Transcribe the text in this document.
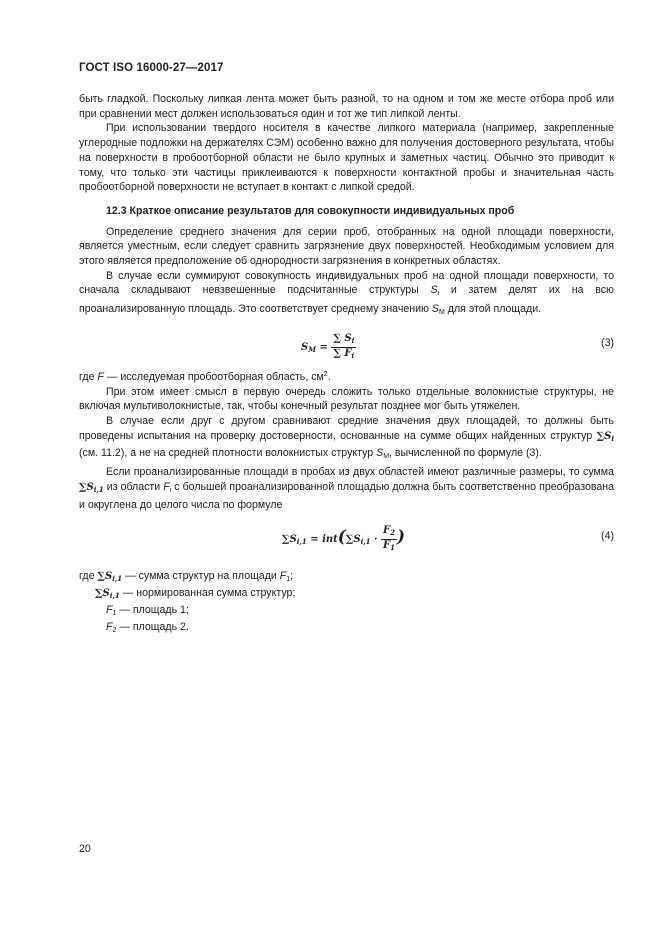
ГОСТ ISO 16000-27—2017

быть гладкой. Поскольку липкая лента может быть разной, то на одном и том же месте отбора проб или при сравнении мест должен использоваться один и тот же тип липкой ленты.

При использовании твердого носителя в качестве липкого материала (например, закрепленные углеродные подложки на держателях СЭМ) особенно важно для получения достоверного результата, чтобы на поверхности в пробоотборной области не было крупных и заметных частиц. Обычно это приводит к тому, что только эти частицы приклеиваются к поверхности контактной пробы и значительная часть пробоотборной поверхности не вступает в контакт с липкой средой.

12.3 Краткое описание результатов для совокупности индивидуальных проб

Определение среднего значения для серии проб, отобранных на одной площади поверхности, является уместным, если следует сравнить загрязнение двух поверхностей. Необходимым условием для этого является предположение об однородности загрязнения в конкретных областях.

В случае если суммируют совокупность индивидуальных проб на одной площади поверхности, то сначала складывают невзвешенные подсчитанные структуры $S_i$ и затем делят их на всю проанализированную площадь. Это соответствует среднему значению $S_M$ для этой площади.

$S_M = \frac{\sum S_i}{\sum F_i}$	(3)

где F — исследуемая пробоотборная область, $см^2$.

При этом имеет смысл в первую очередь сложить только отдельные волокнистые структуры, не включая мультиволокнистые, так, чтобы конечный результат позднее мог быть утяжелен.

В случае если друг с другом сравнивают средние значения двух площадей, то должны быть проведены испытания на проверку достоверности, основанные на сумме общих найденных структур $\sum S_i$ (см. 11.2), а не на средней плотности волокнистых структур $S_M$, вычисленной по формуле (3).

Если проанализированные площади в пробах из двух областей имеют различные размеры, то сумма $\sum S_{i,1}$ из области $F_i$ с большей проанализированной площадью должна быть соответственно преобразована и округлена до целого числа по формуле

$\sum S_{i,1} = int(\sum S_{i,1} \cdot \frac{F_2}{F_1}$ )	(4)
где $\sum S_{i,1}$ — сумма структур на площади $F_1$;
$\sum S_{i,1}$ — нормированная сумма структур;
$F_1$ — площадь 1;
$F_2$ — площадь 2.
20
